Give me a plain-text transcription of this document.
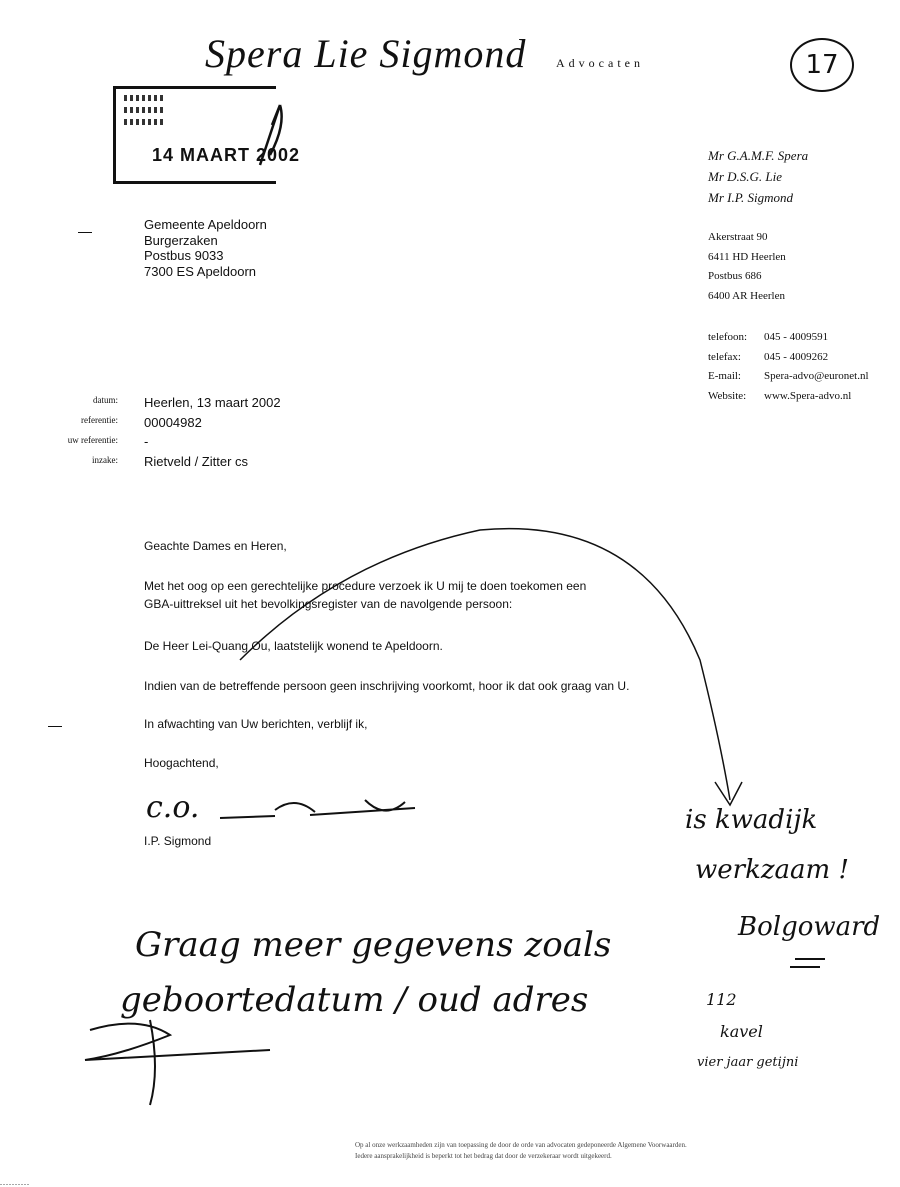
Spera Lie Sigmond Advocaten	17
14 MAART 2002
Gemeente Apeldoorn
Burgerzaken
Postbus 9033
7300 ES Apeldoorn
Mr G.A.M.F. Spera
Mr D.S.G. Lie
Mr I.P. Sigmond
Akerstraat 90
6411 HD Heerlen
Postbus 686
6400 AR Heerlen
telefoon: 045 - 4009591
telefax: 045 - 4009262
E-mail: Spera-advo@euronet.nl
Website: www.Spera-advo.nl
datum:
referentie:
uw referentie:
inzake:
Heerlen, 13 maart 2002
00004982
-
Rietveld / Zitter cs
Geachte Dames en Heren,
Met het oog op een gerechtelijke procedure verzoek ik U mij te doen toekomen een
GBA-uittreksel uit het bevolkingsregister van de navolgende persoon:
De Heer Lei-Quang Ou, laatstelijk wonend te Apeldoorn.
Indien van de betreffende persoon geen inschrijving voorkomt, hoor ik dat ook graag van U.
In afwachting van Uw berichten, verblijf ik,
Hoogachtend,
c.o.
I.P. Sigmond
is kwadijk
werkzaam !
Bolgoward
112
kavel
vier jaar getijni
Graag meer gegevens zoals
geboortedatum / oud adres
Op al onze werkzaamheden zijn van toepassing de door de orde van advocaten gedeponeerde Algemene Voorwaarden.
Iedere aansprakelijkheid is beperkt tot het bedrag dat door de verzekeraar wordt uitgekeerd.
..........
